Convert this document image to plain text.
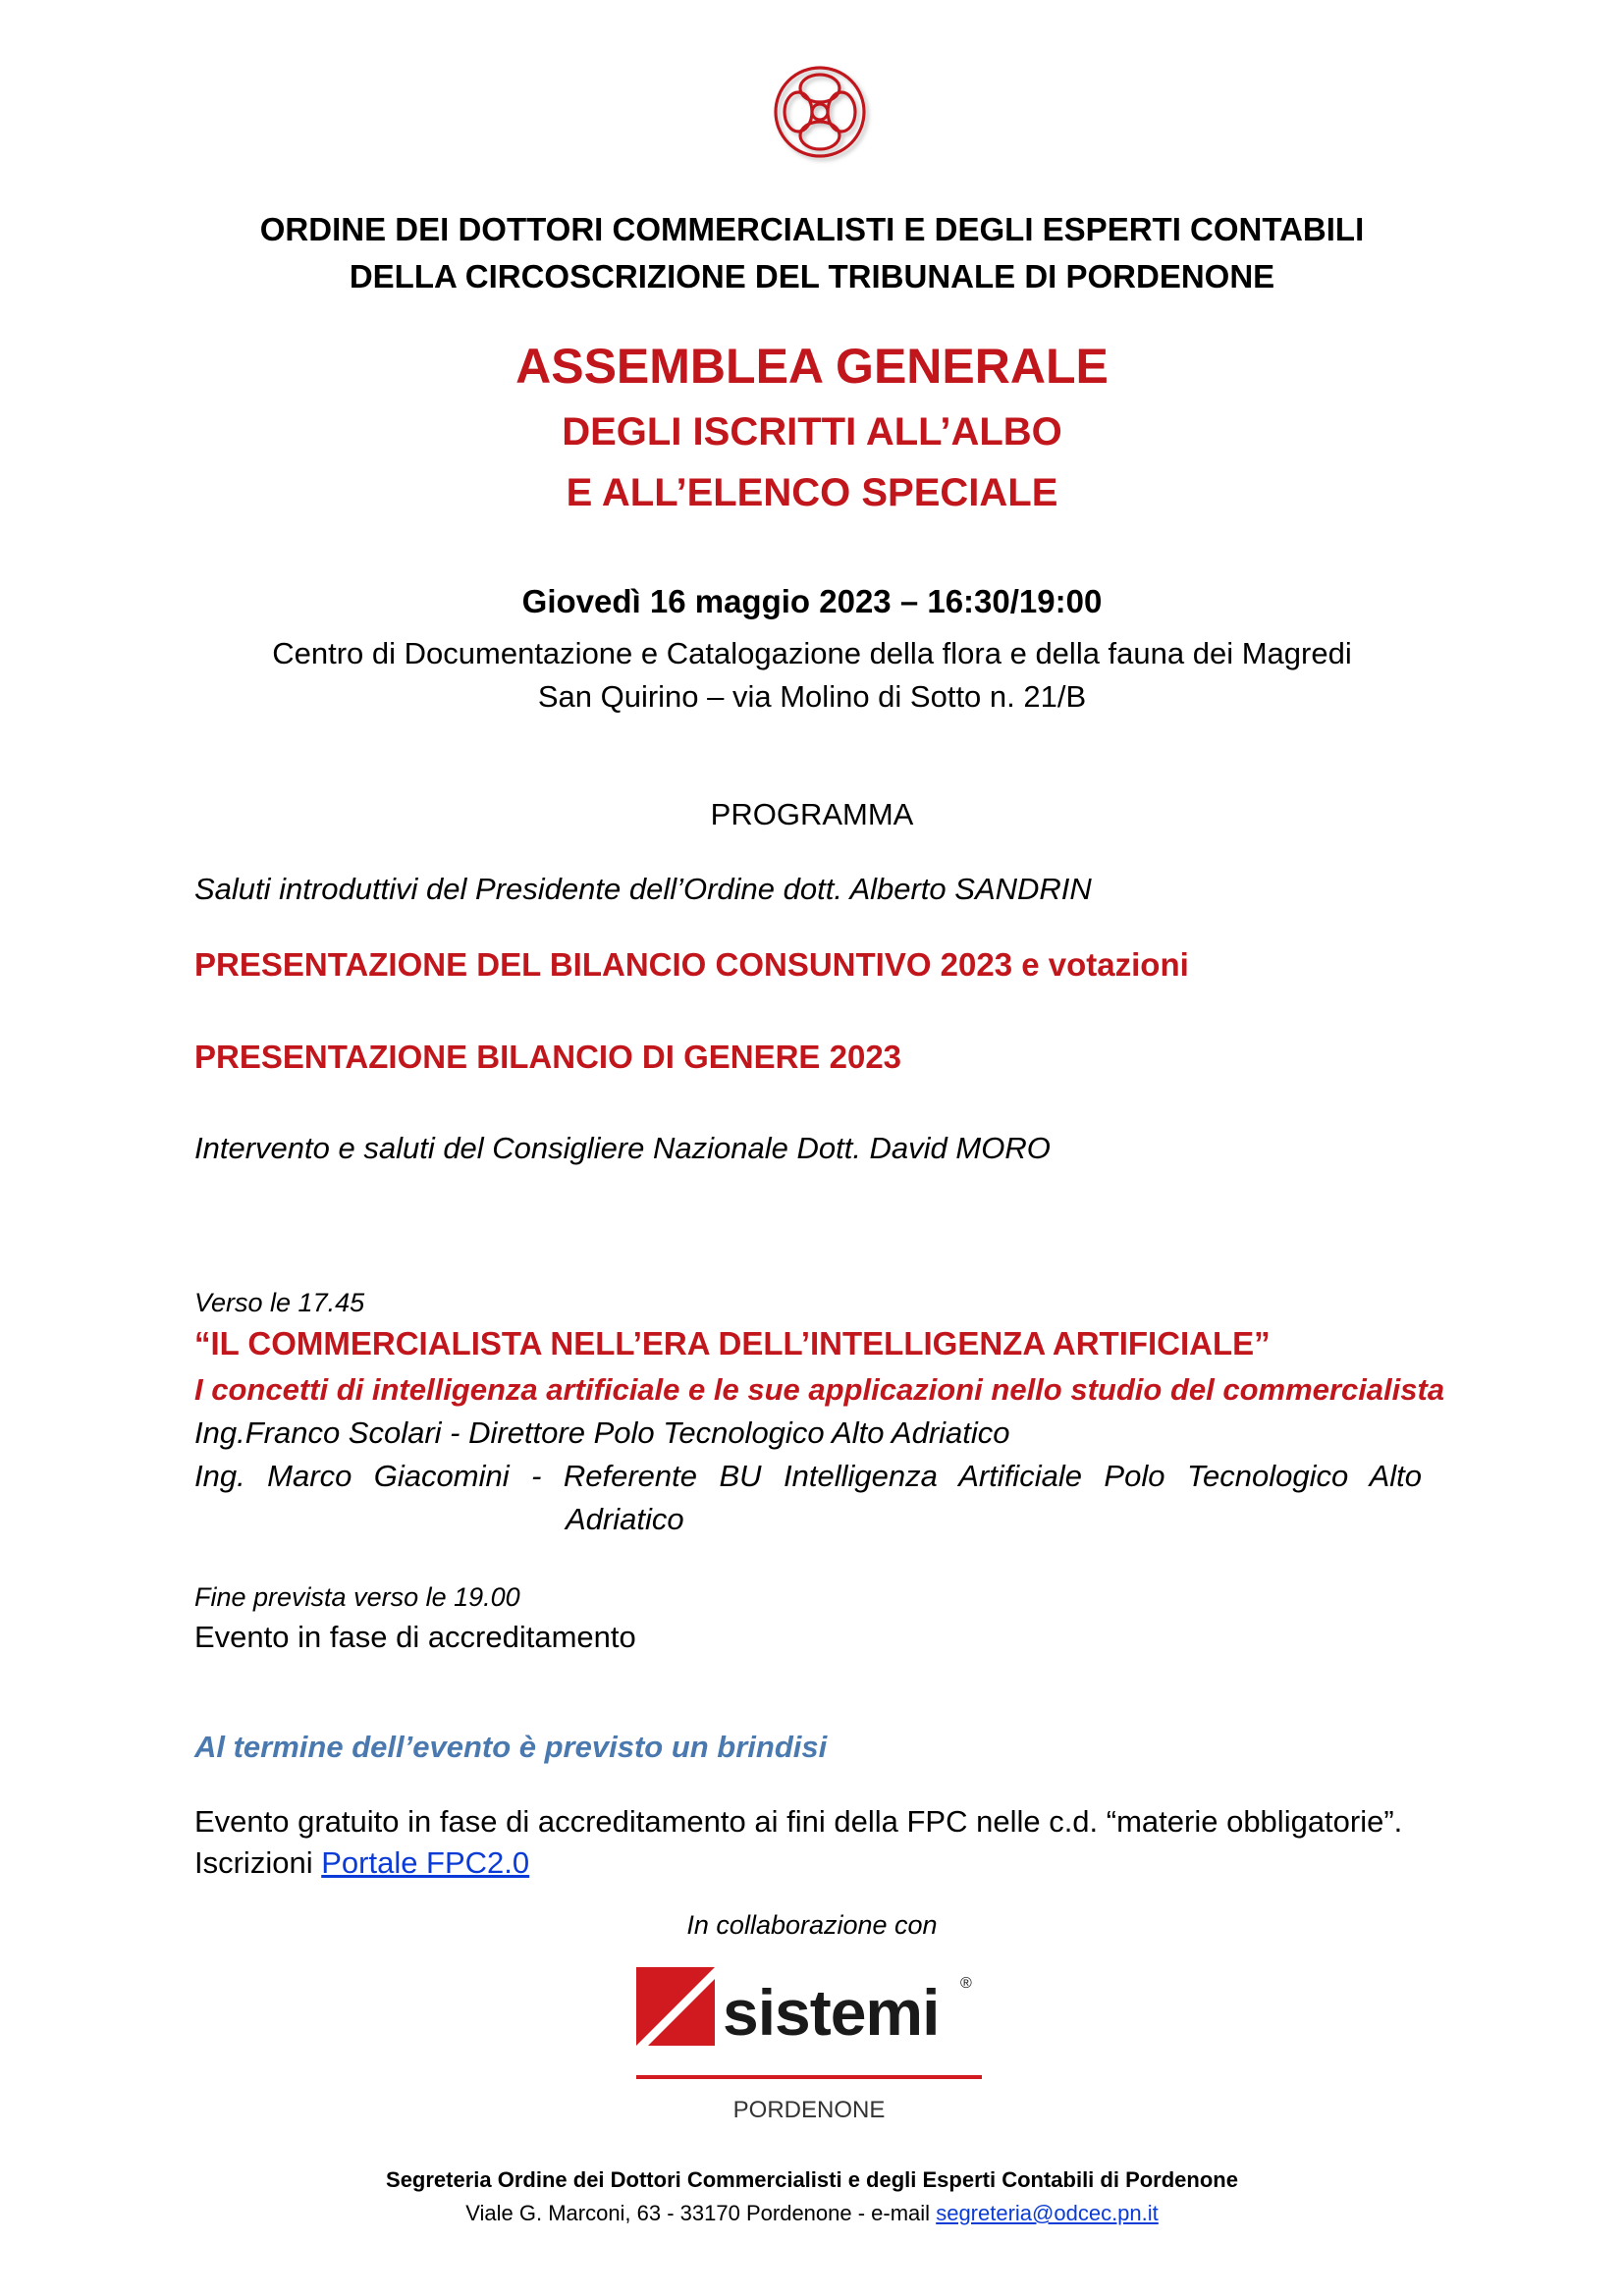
ORDINE DEI DOTTORI COMMERCIALISTI E DEGLI ESPERTI CONTABILI
DELLA CIRCOSCRIZIONE DEL TRIBUNALE DI PORDENONE
ASSEMBLEA GENERALE
DEGLI ISCRITTI ALL’ALBO
E ALL’ELENCO SPECIALE
Giovedì 16 maggio 2023 – 16:30/19:00
Centro di Documentazione e Catalogazione della flora e della fauna dei Magredi
San Quirino – via Molino di Sotto n. 21/B
PROGRAMMA
Saluti introduttivi del Presidente dell’Ordine dott. Alberto SANDRIN
PRESENTAZIONE DEL BILANCIO CONSUNTIVO 2023 e votazioni
PRESENTAZIONE BILANCIO DI GENERE 2023
Intervento e saluti del Consigliere Nazionale Dott. David MORO
Verso le 17.45
“IL COMMERCIALISTA NELL’ERA DELL’INTELLIGENZA ARTIFICIALE”
I concetti di intelligenza artificiale e le sue applicazioni nello studio del commercialista
Ing.Franco Scolari - Direttore Polo Tecnologico Alto Adriatico
Ing. Marco Giacomini - Referente BU Intelligenza Artificiale Polo Tecnologico Alto
Adriatico
Fine prevista verso le 19.00
Evento in fase di accreditamento
Al termine dell’evento è previsto un brindisi
Evento gratuito in fase di accreditamento ai fini della FPC nelle c.d. “materie obbligatorie”.
Iscrizioni Portale FPC2.0
In collaborazione con
sistemi ®
PORDENONE
Segreteria Ordine dei Dottori Commercialisti e degli Esperti Contabili di Pordenone
Viale G. Marconi, 63 - 33170 Pordenone - e-mail segreteria@odcec.pn.it
